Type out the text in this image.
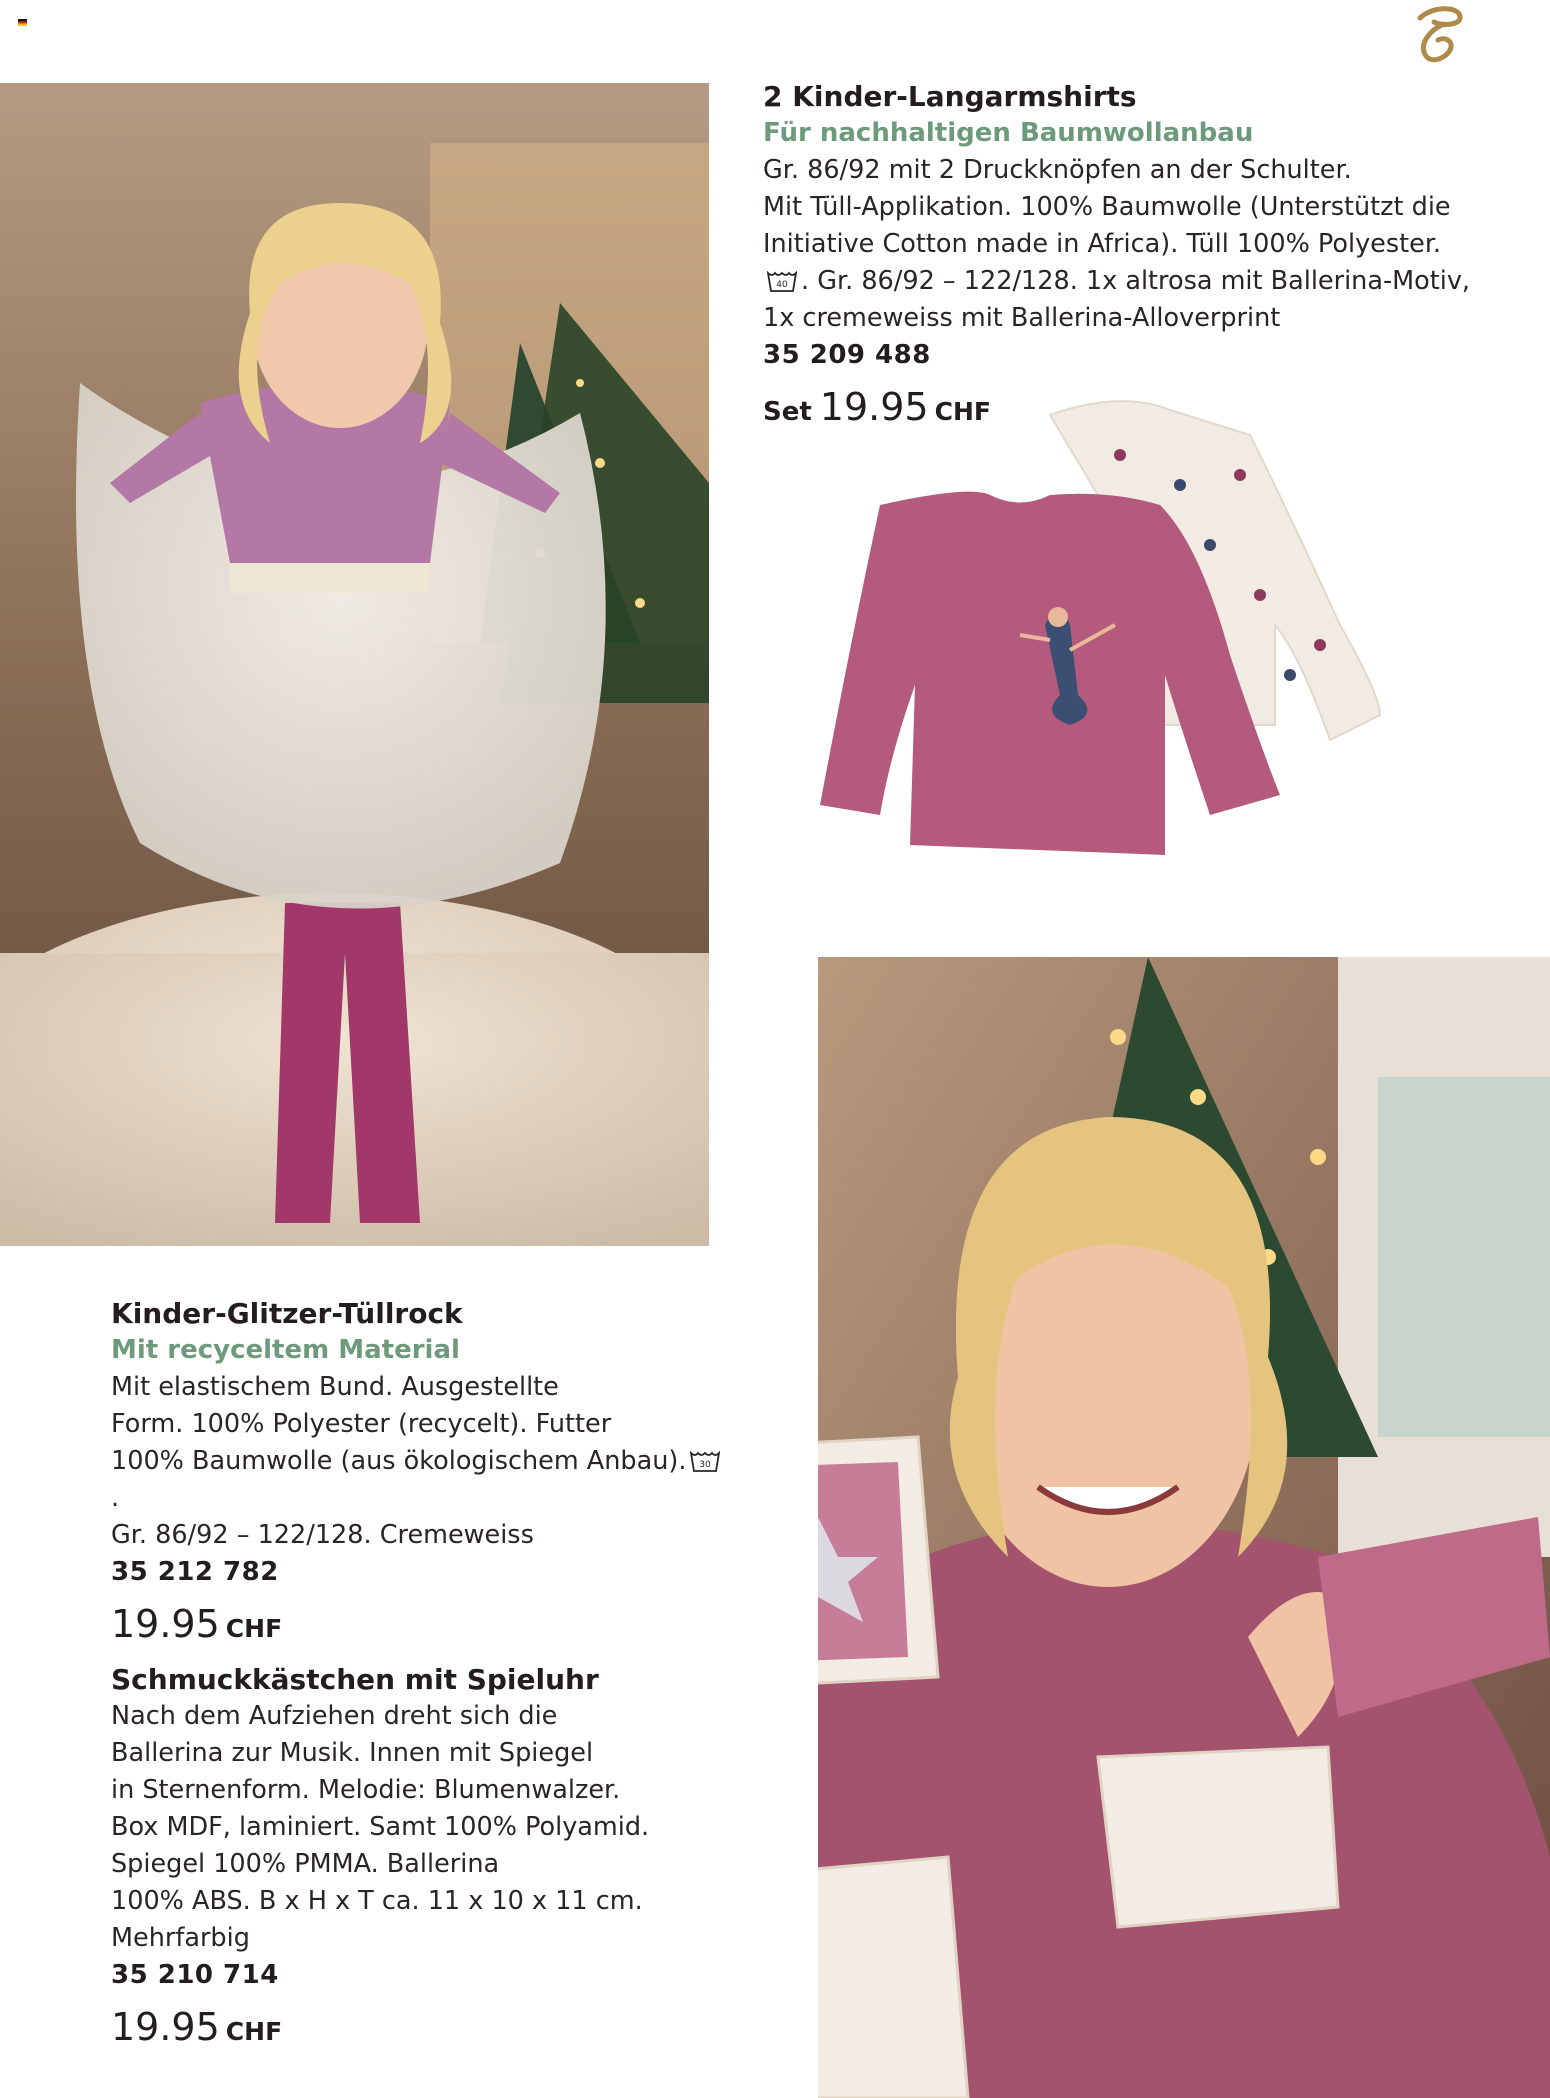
2 Kinder-Langarmshirts
Für nachhaltigen Baumwollanbau
Gr. 86/92 mit 2 Druckknöpfen an der Schulter.
Mit Tüll-Applikation. 100% Baumwolle (Unterstützt die
Initiative Cotton made in Africa). Tüll 100% Polyester.
40 . Gr. 86/92 – 122/128. 1x altrosa mit Ballerina-Motiv,
1x cremeweiss mit Ballerina-Alloverprint
35 209 488
Set 19.95 CHF
Kinder-Glitzer-Tüllrock
Mit recyceltem Material
Mit elastischem Bund. Ausgestellte
Form. 100% Polyester (recycelt). Futter
100% Baumwolle (aus ökologischem Anbau). 30
.
Gr. 86/92 – 122/128. Cremeweiss
35 212 782
19.95 CHF
Schmuckkästchen mit Spieluhr
Nach dem Aufziehen dreht sich die
Ballerina zur Musik. Innen mit Spiegel
in Sternenform. Melodie: Blumenwalzer.
Box MDF, laminiert. Samt 100% Polyamid.
Spiegel 100% PMMA. Ballerina
100% ABS. B x H x T ca. 11 x 10 x 11 cm.
Mehrfarbig
35 210 714
19.95 CHF
